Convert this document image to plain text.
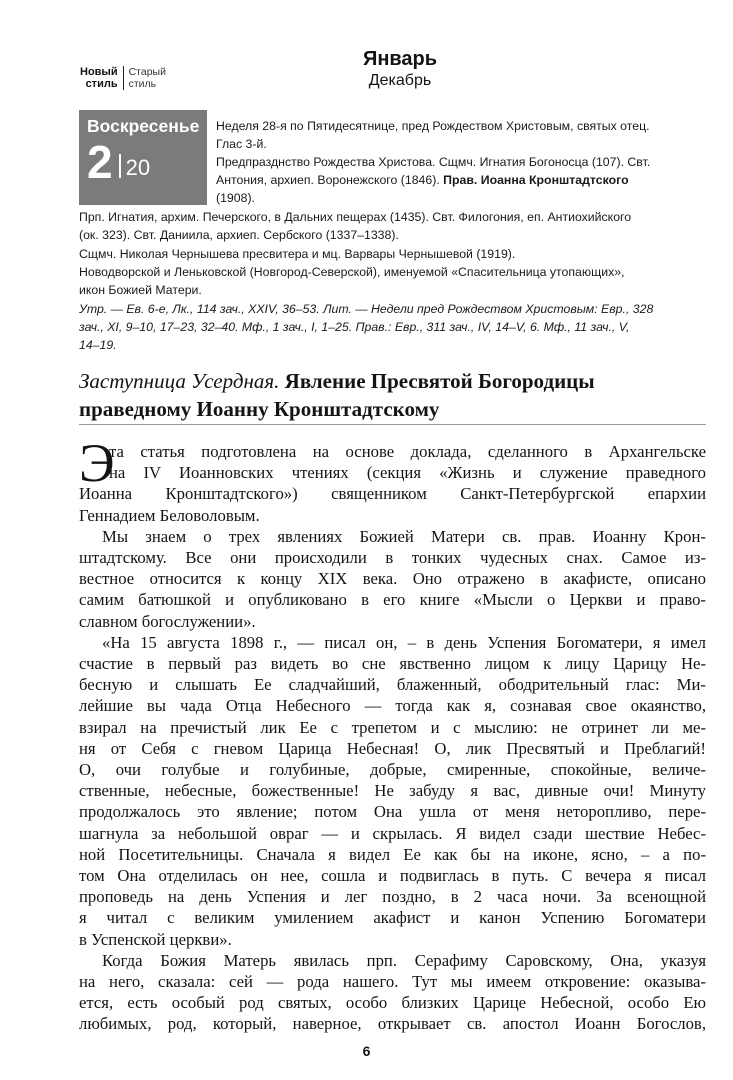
Новый
стиль
Старый
стиль
Январь
Декабрь
Воскресенье
2 20
Неделя 28-я по Пятидесятнице, пред Рождеством Христовым, святых отец.
Глас 3-й.
Предпразднство Рождества Христова. Сщмч. Игнатия Богоносца (107). Свт.
Антония, архиеп. Воронежского (1846). Прав. Иоанна Кронштадтского
(1908).
Прп. Игнатия, архим. Печерского, в Дальних пещерах (1435). Свт. Филогония, еп. Антиохийского
(ок. 323). Свт. Даниила, архиеп. Сербского (1337–1338).
Сщмч. Николая Чернышева пресвитера и мц. Варвары Чернышевой (1919).
Новодворской и Леньковской (Новгород-Северской), именуемой «Спасительница утопающих»,
икон Божией Матери.
Утр. — Ев. 6-е, Лк., 114 зач., XXIV, 36–53. Лит. — Недели пред Рождеством Христовым: Евр., 328
зач., XI, 9–10, 17–23, 32–40. Мф., 1 зач., I, 1–25. Прав.: Евр., 311 зач., IV, 14–V, 6. Мф., 11 зач., V,
14–19.
Заступница Усердная. Явление Пресвятой Богородицы
праведному Иоанну Кронштадтскому
Э
та статья подготовлена на основе доклада, сделанного в Архангельске
на IV Иоанновских чтениях (секция «Жизнь и служение праведного
Иоанна Кронштадтского») священником Санкт-Петербургской епархии
Геннадием Беловоловым.
Мы знаем о трех явлениях Божией Матери св. прав. Иоанну Крон-
штадтскому. Все они происходили в тонких чудесных снах. Самое из-
вестное относится к концу XIX века. Оно отражено в акафисте, описано
самим батюшкой и опубликовано в его книге «Мысли о Церкви и право-
славном богослужении».
«На 15 августа 1898 г., — писал он, – в день Успения Богоматери, я имел
счастие в первый раз видеть во сне явственно лицом к лицу Царицу Не-
бесную и слышать Ее сладчайший, блаженный, ободрительный глас: Ми-
лейшие вы чада Отца Небесного — тогда как я, сознавая свое окаянство,
взирал на пречистый лик Ее с трепетом и с мыслию: не отринет ли ме-
ня от Себя с гневом Царица Небесная! О, лик Пресвятый и Преблагий!
О, очи голубые и голубиные, добрые, смиренные, спокойные, величе-
ственные, небесные, божественные! Не забуду я вас, дивные очи! Минуту
продолжалось это явление; потом Она ушла от меня неторопливо, пере-
шагнула за небольшой овраг — и скрылась. Я видел сзади шествие Небес-
ной Посетительницы. Сначала я видел Ее как бы на иконе, ясно, – а по-
том Она отделилась он нее, сошла и подвиглась в путь. С вечера я писал
проповедь на день Успения и лег поздно, в 2 часа ночи. За всенощной
я читал с великим умилением акафист и канон Успению Богоматери
в Успенской церкви».
Когда Божия Матерь явилась прп. Серафиму Саровскому, Она, указуя
на него, сказала: сей — рода нашего. Тут мы имеем откровение: оказыва-
ется, есть особый род святых, особо близких Царице Небесной, особо Ею
6
любимых, род, который, наверное, открывает св. апостол Иоанн Богослов,
